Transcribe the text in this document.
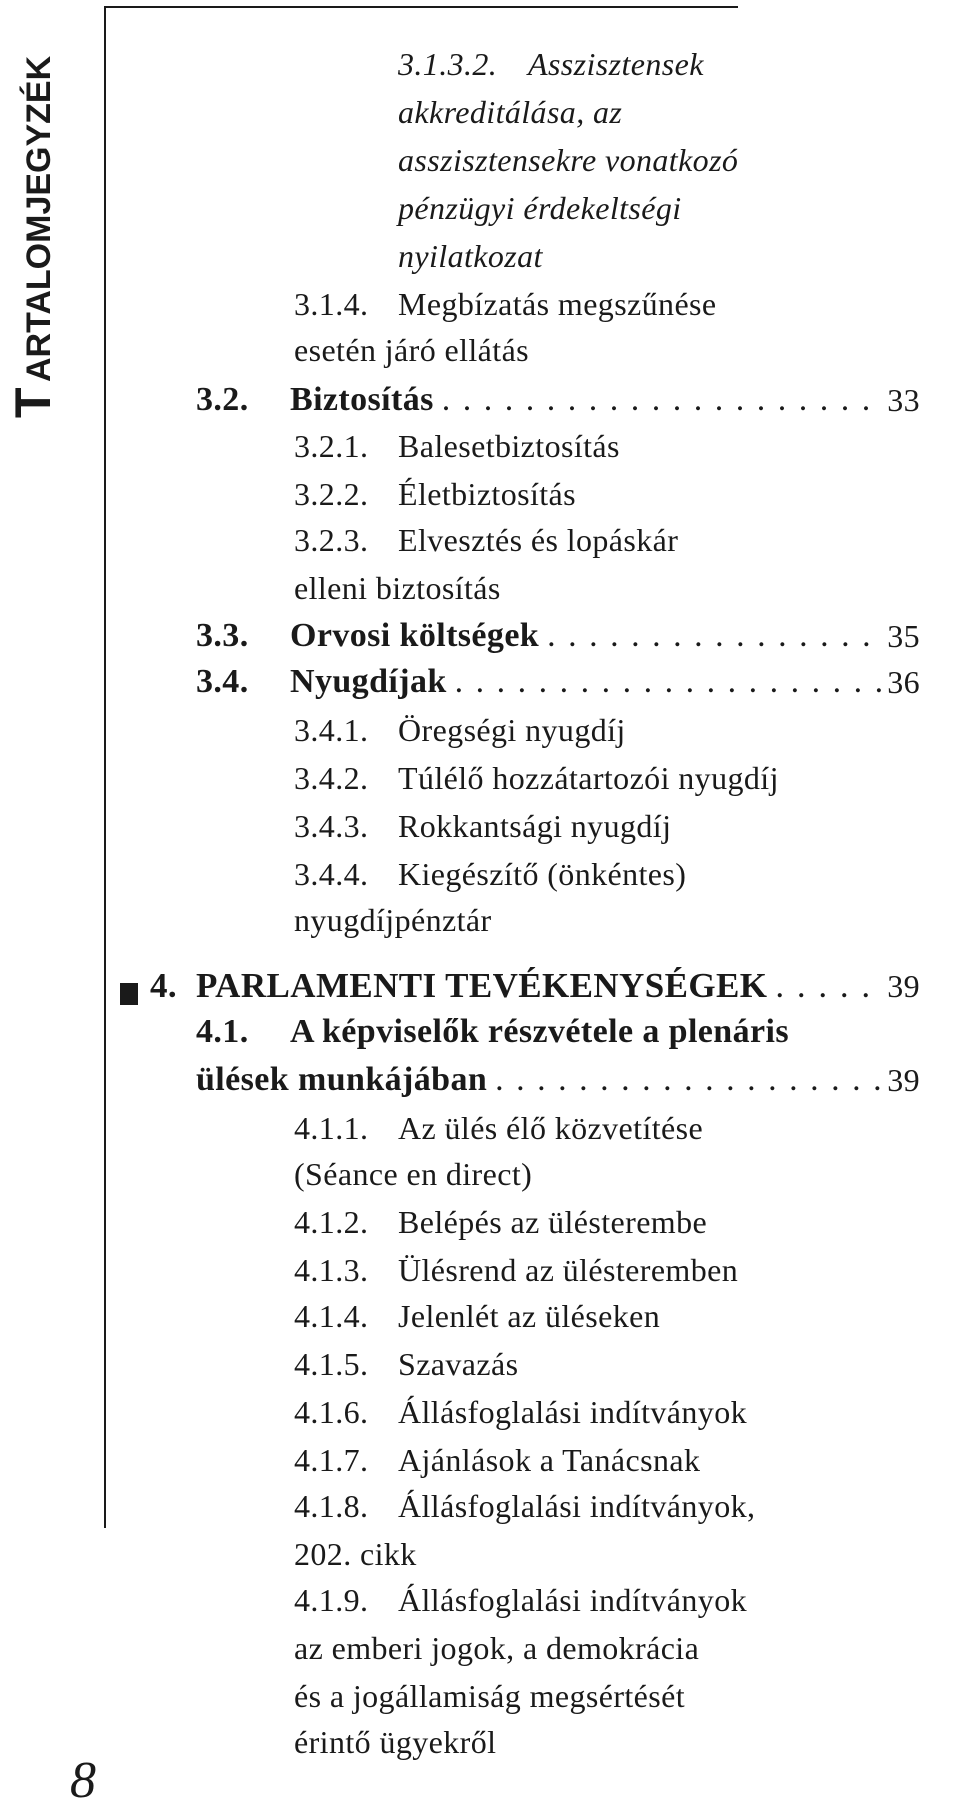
T
ARTALOMJEGYZÉK
8
3.1.3.2. Asszisztensek
akkreditálása, az
asszisztensekre vonatkozó
pénzügyi érdekeltségi
nyilatkozat
3.1.4. Megbízatás megszűnése
esetén járó ellátás
3.2.	Biztosítás . . .	33
3.2.1. Balesetbiztosítás
3.2.2. Életbiztosítás
3.2.3. Elvesztés és lopáskár
elleni biztosítás
3.3.	Orvosi költségek . . .	35
3.4.	Nyugdíjak . . .	36
3.4.1. Öregségi nyugdíj
3.4.2. Túlélő hozzátartozói nyugdíj
3.4.3. Rokkantsági nyugdíj
3.4.4. Kiegészítő (önkéntes)
nyugdíjpénztár
4. PARLAMENTI TEVÉKENYSÉGEK . . .	39
4.1.	A képviselők részvétele a plenáris
ülések munkájában . . .	39
4.1.1. Az ülés élő közvetítése
(Séance en direct)
4.1.2. Belépés az ülésterembe
4.1.3. Ülésrend az ülésteremben
4.1.4. Jelenlét az üléseken
4.1.5. Szavazás
4.1.6. Állásfoglalási indítványok
4.1.7. Ajánlások a Tanácsnak
4.1.8. Állásfoglalási indítványok,
202. cikk
4.1.9. Állásfoglalási indítványok
az emberi jogok, a demokrácia
és a jogállamiság megsértését
érintő ügyekről
